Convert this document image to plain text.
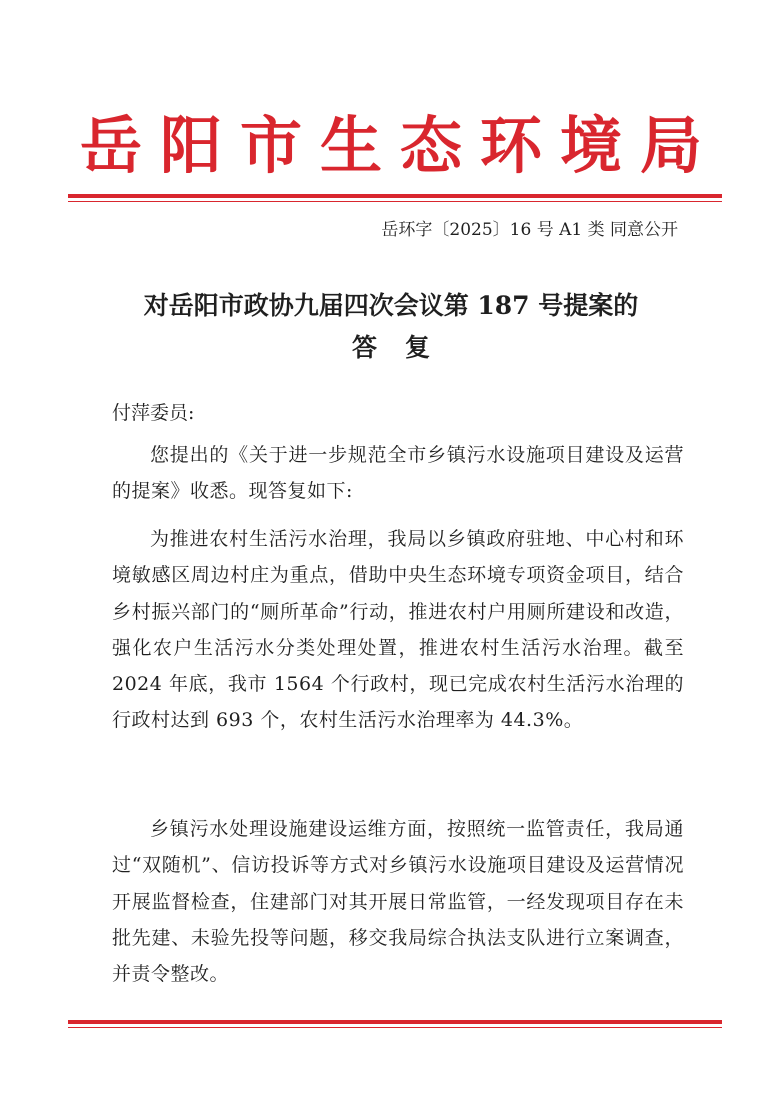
岳阳市生态环境局
岳环字〔2025〕16 号 A1 类 同意公开
对岳阳市政协九届四次会议第 187 号提案的
答复
付萍委员:
您提出的《关于进一步规范全市乡镇污水设施项目建设及运营的提案》收悉。现答复如下:
为推进农村生活污水治理，我局以乡镇政府驻地、中心村和环境敏感区周边村庄为重点，借助中央生态环境专项资金项目，结合乡村振兴部门的“厕所革命”行动，推进农村户用厕所建设和改造，强化农户生活污水分类处理处置，推进农村生活污水治理。截至 2024 年底，我市 1564 个行政村，现已完成农村生活污水治理的行政村达到 693 个，农村生活污水治理率为 44.3%。
乡镇污水处理设施建设运维方面，按照统一监管责任，我局通过“双随机”、信访投诉等方式对乡镇污水设施项目建设及运营情况开展监督检查，住建部门对其开展日常监管，一经发现项目存在未批先建、未验先投等问题，移交我局综合执法支队进行立案调查，并责令整改。
